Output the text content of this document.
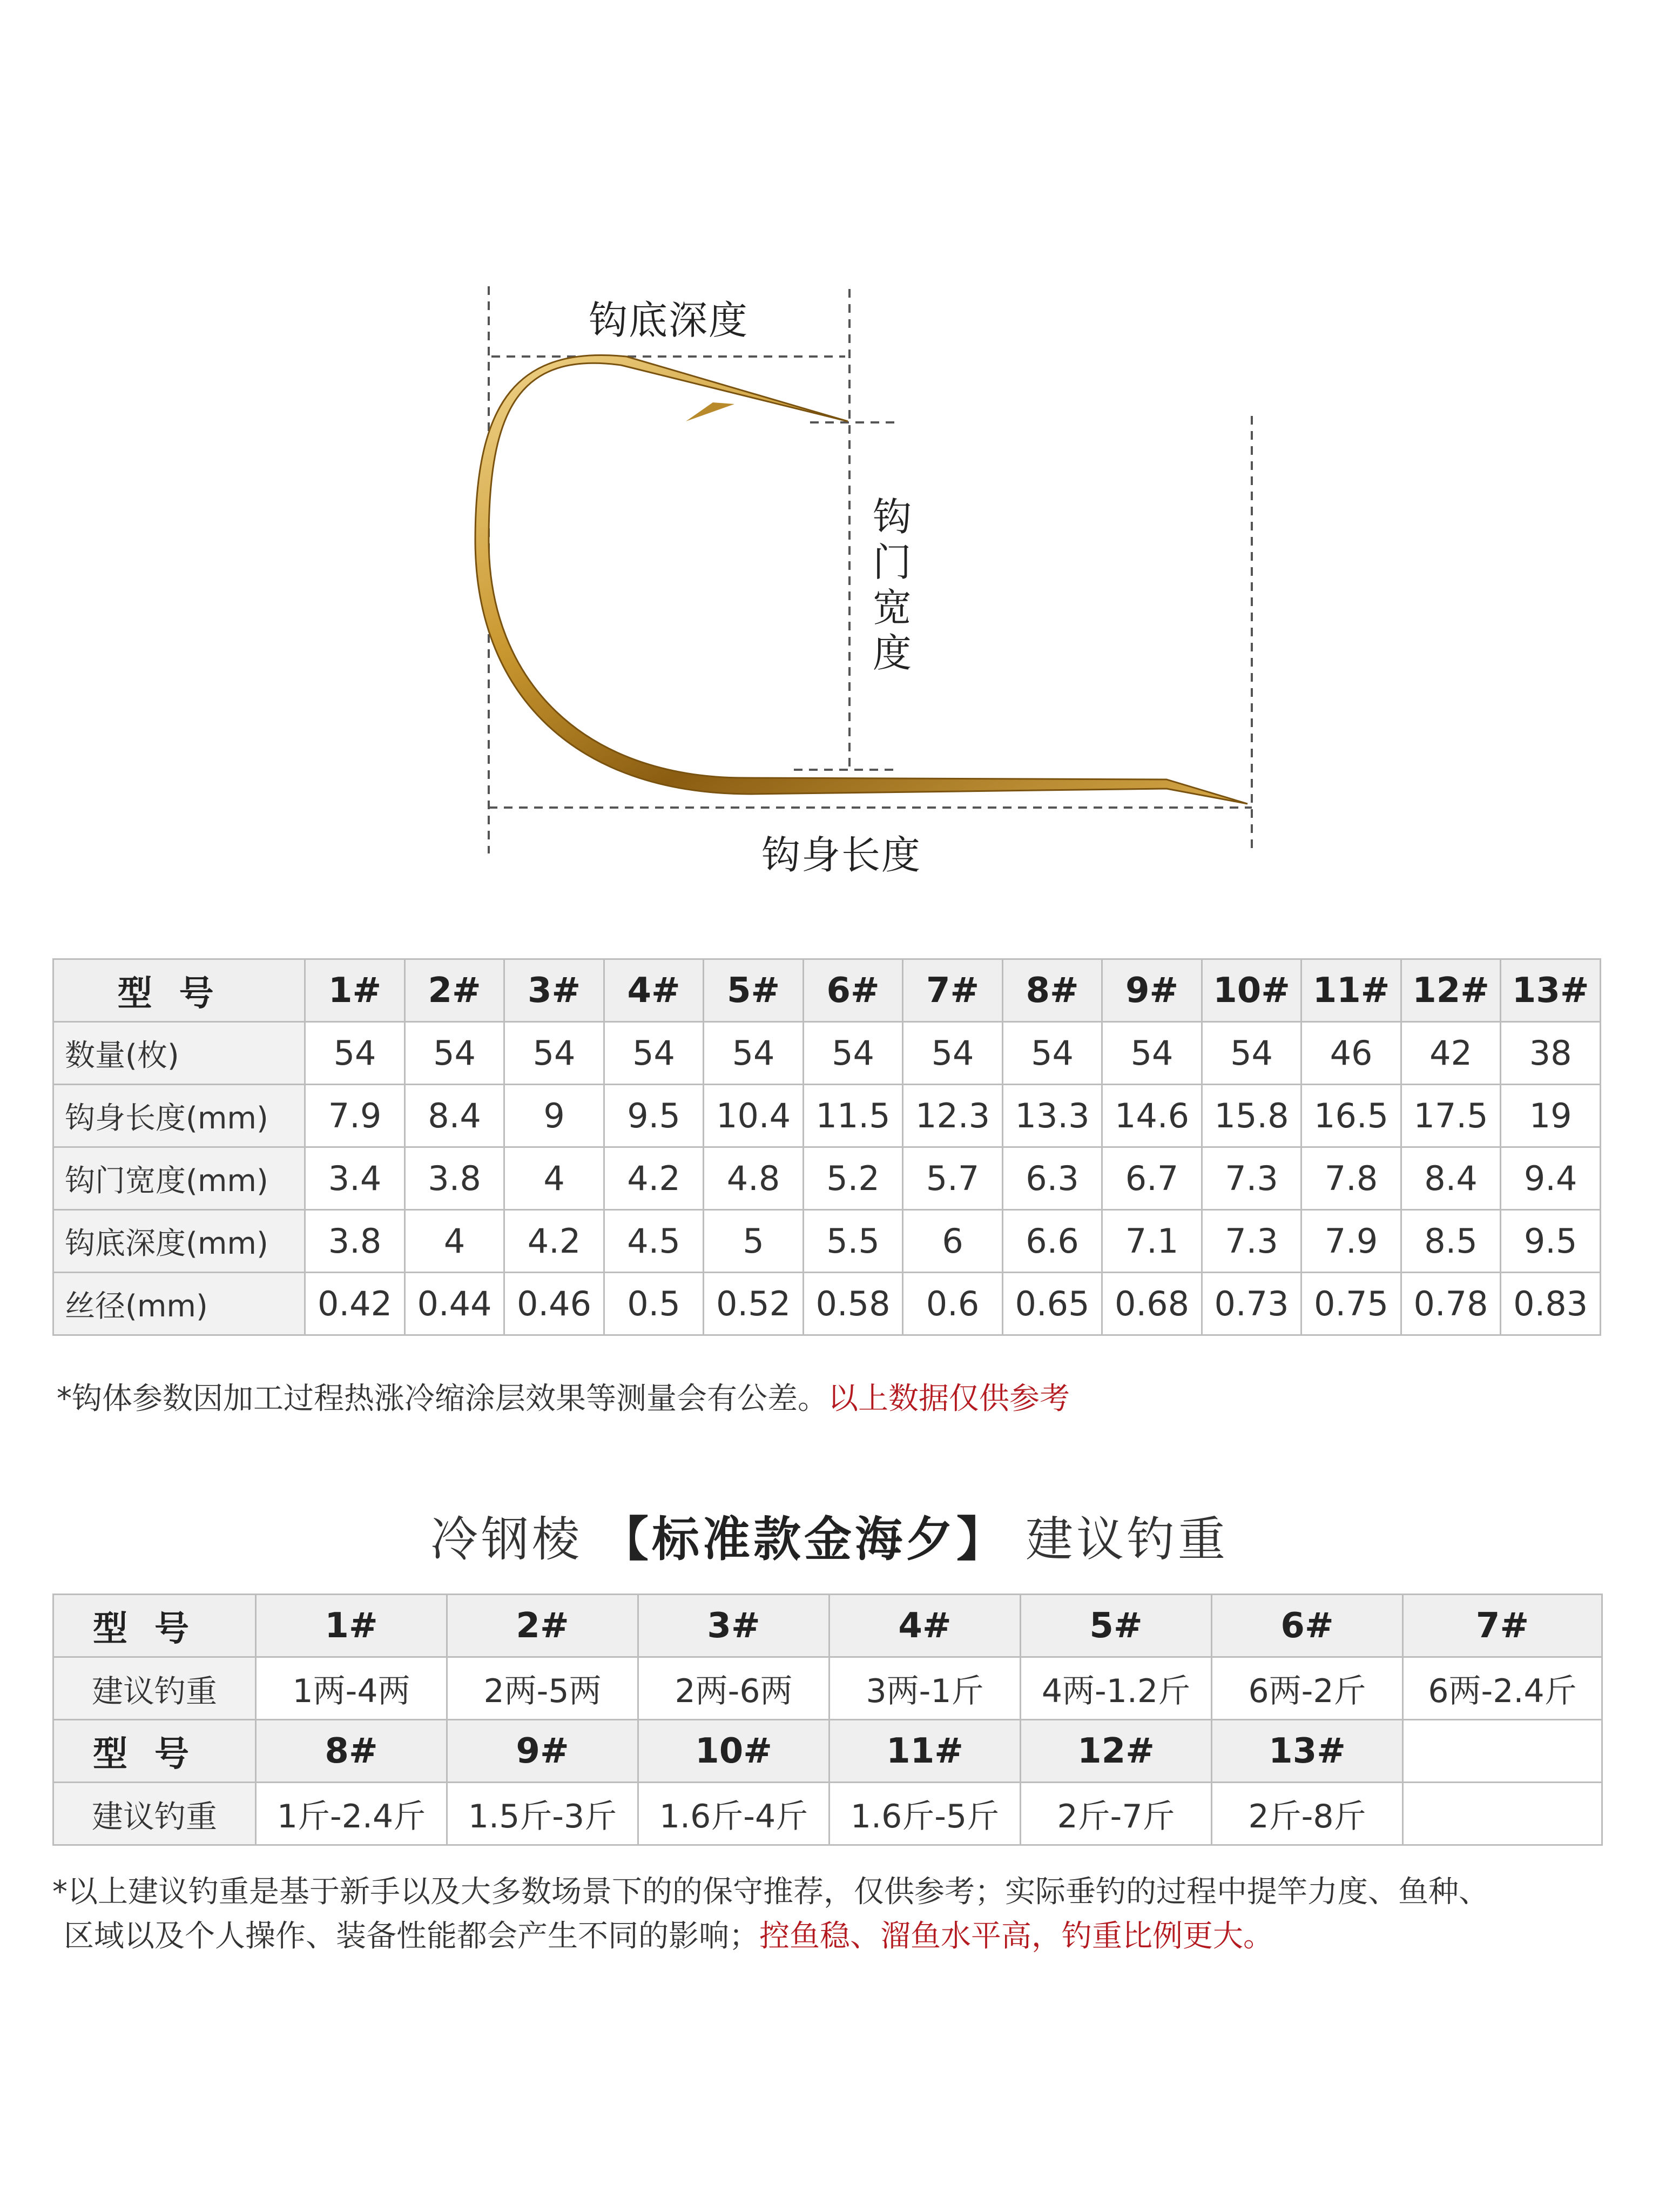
钩底深度
钩
门
宽
度
钩身长度
型号	1#	2#	3#	4#	5#	6#	7#	8#	9#	10#	11#	12#	13#
数量(枚)	54	54	54	54	54	54	54	54	54	54	46	42	38
钩身长度(mm)	7.9	8.4	9	9.5	10.4	11.5	12.3	13.3	14.6	15.8	16.5	17.5	19
钩门宽度(mm)	3.4	3.8	4	4.2	4.8	5.2	5.7	6.3	6.7	7.3	7.8	8.4	9.4
钩底深度(mm)	3.8	4	4.2	4.5	5	5.5	6	6.6	7.1	7.3	7.9	8.5	9.5
丝径(mm)	0.42	0.44	0.46	0.5	0.52	0.58	0.6	0.65	0.68	0.73	0.75	0.78	0.83
*钩体参数因加工过程热涨冷缩涂层效果等测量会有公差。以上数据仅供参考
冷钢棱 【标准款金海夕】 建议钓重
型号	1#	2#	3#	4#	5#	6#	7#
建议钓重	1两-4两	2两-5两	2两-6两	3两-1斤	4两-1.2斤	6两-2斤	6两-2.4斤
型号	8#	9#	10#	11#	12#	13#	
建议钓重	1斤-2.4斤	1.5斤-3斤	1.6斤-4斤	1.6斤-5斤	2斤-7斤	2斤-8斤	
*以上建议钓重是基于新手以及大多数场景下的的保守推荐，仅供参考；实际垂钓的过程中提竿力度、鱼种、
区域以及个人操作、装备性能都会产生不同的影响；控鱼稳、溜鱼水平高，钓重比例更大。
